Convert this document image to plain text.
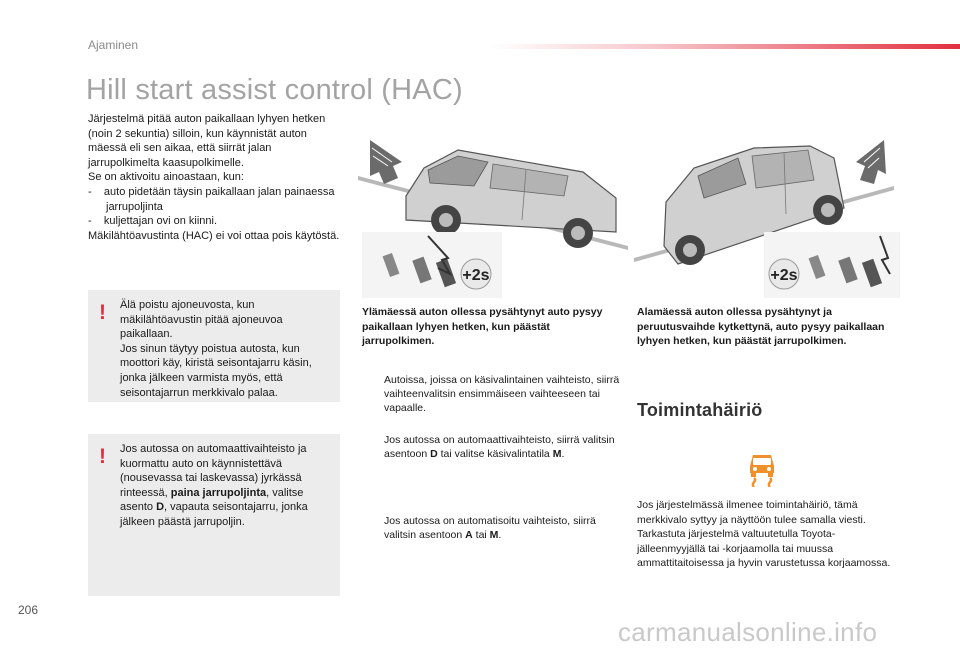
Ajaminen
Hill start assist control (HAC)

Järjestelmä pitää auton paikallaan lyhyen hetken (noin 2 sekuntia) silloin, kun käynnistät auton mäessä eli sen aikaa, että siirrät jalan jarrupolkimelta kaasupolkimelle.

Se on aktivoitu ainoastaan, kun:

- auto pidetään täysin paikallaan jalan painaessa jarrupoljinta

- kuljettajan ovi on kiinni.

Mäkilähtöavustinta (HAC) ei voi ottaa pois käytöstä.

! Älä poistu ajoneuvosta, kun mäkilähtöavustin pitää ajoneuvoa paikallaan.

Jos sinun täytyy poistua autosta, kun moottori käy, kiristä seisontajarru käsin, jonka jälkeen varmista myös, että seisontajarrun merkkivalo palaa.

! Jos autossa on automaattivaihteisto ja kuormattu auto on käynnistettävä (nousevassa tai laskevassa) jyrkässä rinteessä, paina jarrupoljinta, valitse asento D, vapauta seisontajarru, jonka jälkeen päästä jarrupoljin.

+2s	+2s
Ylämäessä auton ollessa pysähtynyt auto pysyy paikallaan lyhyen hetken, kun päästät jarrupolkimen.
Alamäessä auton ollessa pysähtynyt ja peruutusvaihde kytkettynä, auto pysyy paikallaan lyhyen hetken, kun päästät jarrupolkimen.
Autoissa, joissa on käsivalintainen vaihteisto, siirrä vaihteenvalitsin ensimmäiseen vaihteeseen tai vapaalle.
Jos autossa on automaattivaihteisto, siirrä valitsin asentoon D tai valitse käsivalintatila M.
Jos autossa on automatisoitu vaihteisto, siirrä valitsin asentoon A tai M.
Toimintahäiriö
Jos järjestelmässä ilmenee toimintahäiriö, tämä merkkivalo syttyy ja näyttöön tulee samalla viesti. Tarkastuta järjestelmä valtuutetulla Toyota-jälleenmyyjällä tai -korjaamolla tai muussa ammattitaitoisessa ja hyvin varustetussa korjaamossa.
206
carmanualsonline.info
